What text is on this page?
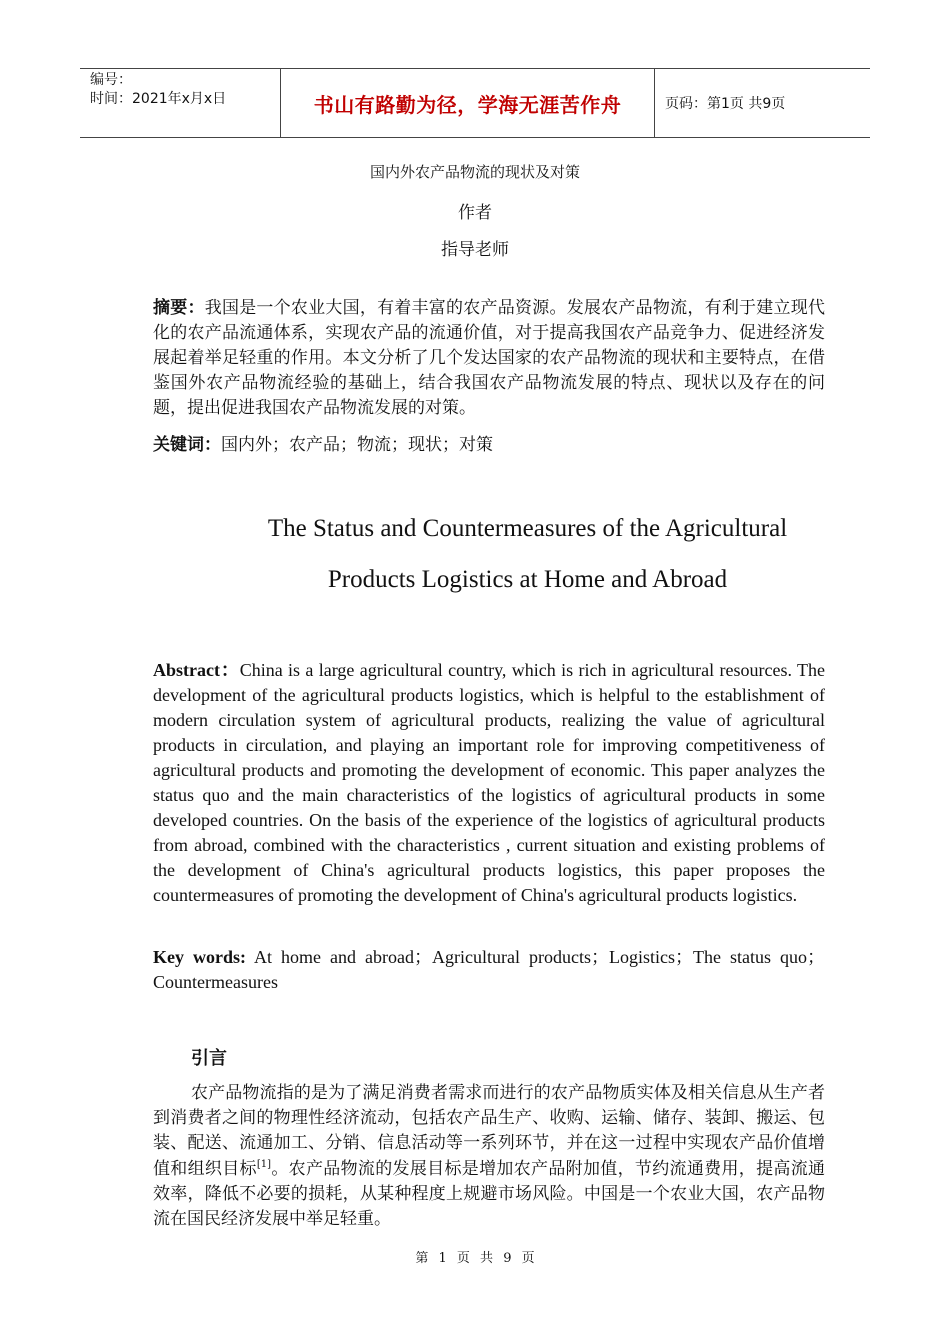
编号：
时间：2021年x月x日	书山有路勤为径，学海无涯苦作舟	页码：第1页 共9页
国内外农产品物流的现状及对策
作者
指导老师
摘要：我国是一个农业大国，有着丰富的农产品资源。发展农产品物流，有利于建立现代化的农产品流通体系，实现农产品的流通价值，对于提高我国农产品竞争力、促进经济发展起着举足轻重的作用。本文分析了几个发达国家的农产品物流的现状和主要特点，在借鉴国外农产品物流经验的基础上，结合我国农产品物流发展的特点、现状以及存在的问题，提出促进我国农产品物流发展的对策。
关键词：国内外；农产品；物流；现状；对策
The Status and Countermeasures of the Agricultural
Products Logistics at Home and Abroad
Abstract：China is a large agricultural country, which is rich in agricultural resources. The development of the agricultural products logistics, which is helpful to the establishment of modern circulation system of agricultural products, realizing the value of agricultural products in circulation, and playing an important role for improving competitiveness of agricultural products and promoting the development of economic. This paper analyzes the status quo and the main characteristics of the logistics of agricultural products in some developed countries. On the basis of the experience of the logistics of agricultural products from abroad, combined with the characteristics , current situation and existing problems of the development of China's agricultural products logistics, this paper proposes the countermeasures of promoting the development of China's agricultural products logistics.
Key words: At home and abroad；Agricultural products；Logistics；The status quo；Countermeasures
引言
农产品物流指的是为了满足消费者需求而进行的农产品物质实体及相关信息从生产者到消费者之间的物理性经济流动，包括农产品生产、收购、运输、储存、装卸、搬运、包装、配送、流通加工、分销、信息活动等一系列环节，并在这一过程中实现农产品价值增值和组织目标[1]。农产品物流的发展目标是增加农产品附加值，节约流通费用，提高流通效率，降低不必要的损耗，从某种程度上规避市场风险。中国是一个农业大国，农产品物流在国民经济发展中举足轻重。
第 1 页 共 9 页
